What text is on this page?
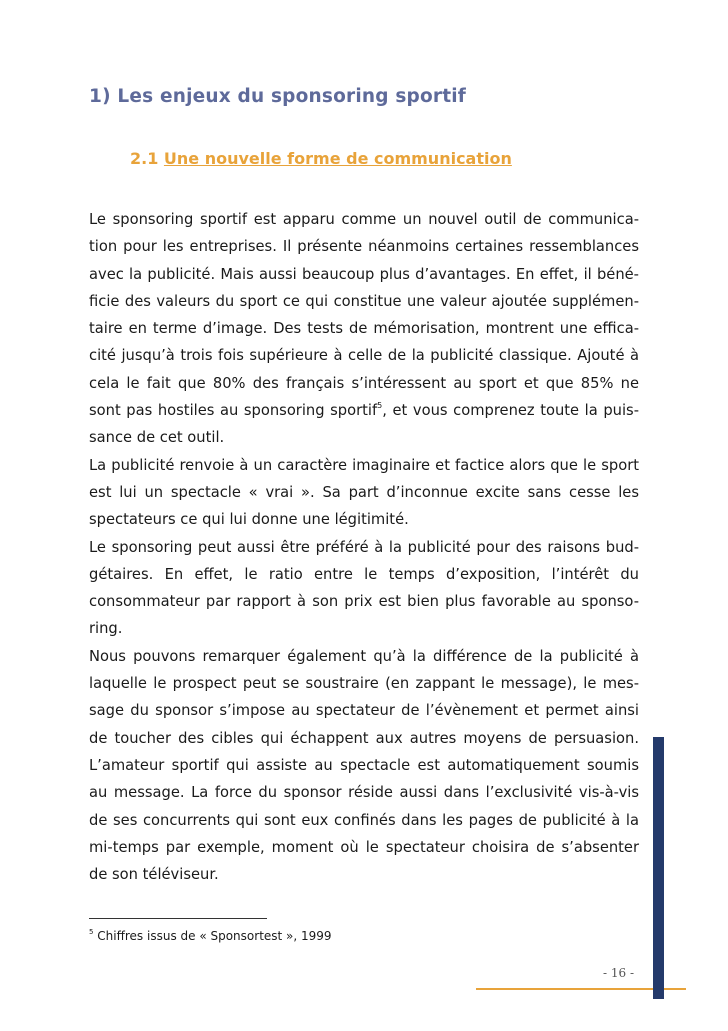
1) Les enjeux du sponsoring sportif
2.1 Une nouvelle forme de communication
Le sponsoring sportif est apparu comme un nouvel outil de communica-
tion pour les entreprises. Il présente néanmoins certaines ressemblances
avec la publicité. Mais aussi beaucoup plus d’avantages. En effet, il béné-
ficie des valeurs du sport ce qui constitue une valeur ajoutée supplémen-
taire en terme d’image. Des tests de mémorisation, montrent une effica-
cité jusqu’à trois fois supérieure à celle de la publicité classique. Ajouté à
cela le fait que 80% des français s’intéressent au sport et que 85% ne
sont pas hostiles au sponsoring sportif$^5$, et vous comprenez toute la puis-
sance de cet outil.
La publicité renvoie à un caractère imaginaire et factice alors que le sport
est lui un spectacle « vrai ». Sa part d’inconnue excite sans cesse les
spectateurs ce qui lui donne une légitimité.
Le sponsoring peut aussi être préféré à la publicité pour des raisons bud-
gétaires. En effet, le ratio entre le temps d’exposition, l’intérêt du
consommateur par rapport à son prix est bien plus favorable au sponso-
ring.
Nous pouvons remarquer également qu’à la différence de la publicité à
laquelle le prospect peut se soustraire (en zappant le message), le mes-
sage du sponsor s’impose au spectateur de l’évènement et permet ainsi
de toucher des cibles qui échappent aux autres moyens de persuasion.
L’amateur sportif qui assiste au spectacle est automatiquement soumis
au message. La force du sponsor réside aussi dans l’exclusivité vis-à-vis
de ses concurrents qui sont eux confinés dans les pages de publicité à la
mi-temps par exemple, moment où le spectateur choisira de s’absenter
de son téléviseur.
$^5$ Chiffres issus de « Sponsortest », 1999
- 16 -
